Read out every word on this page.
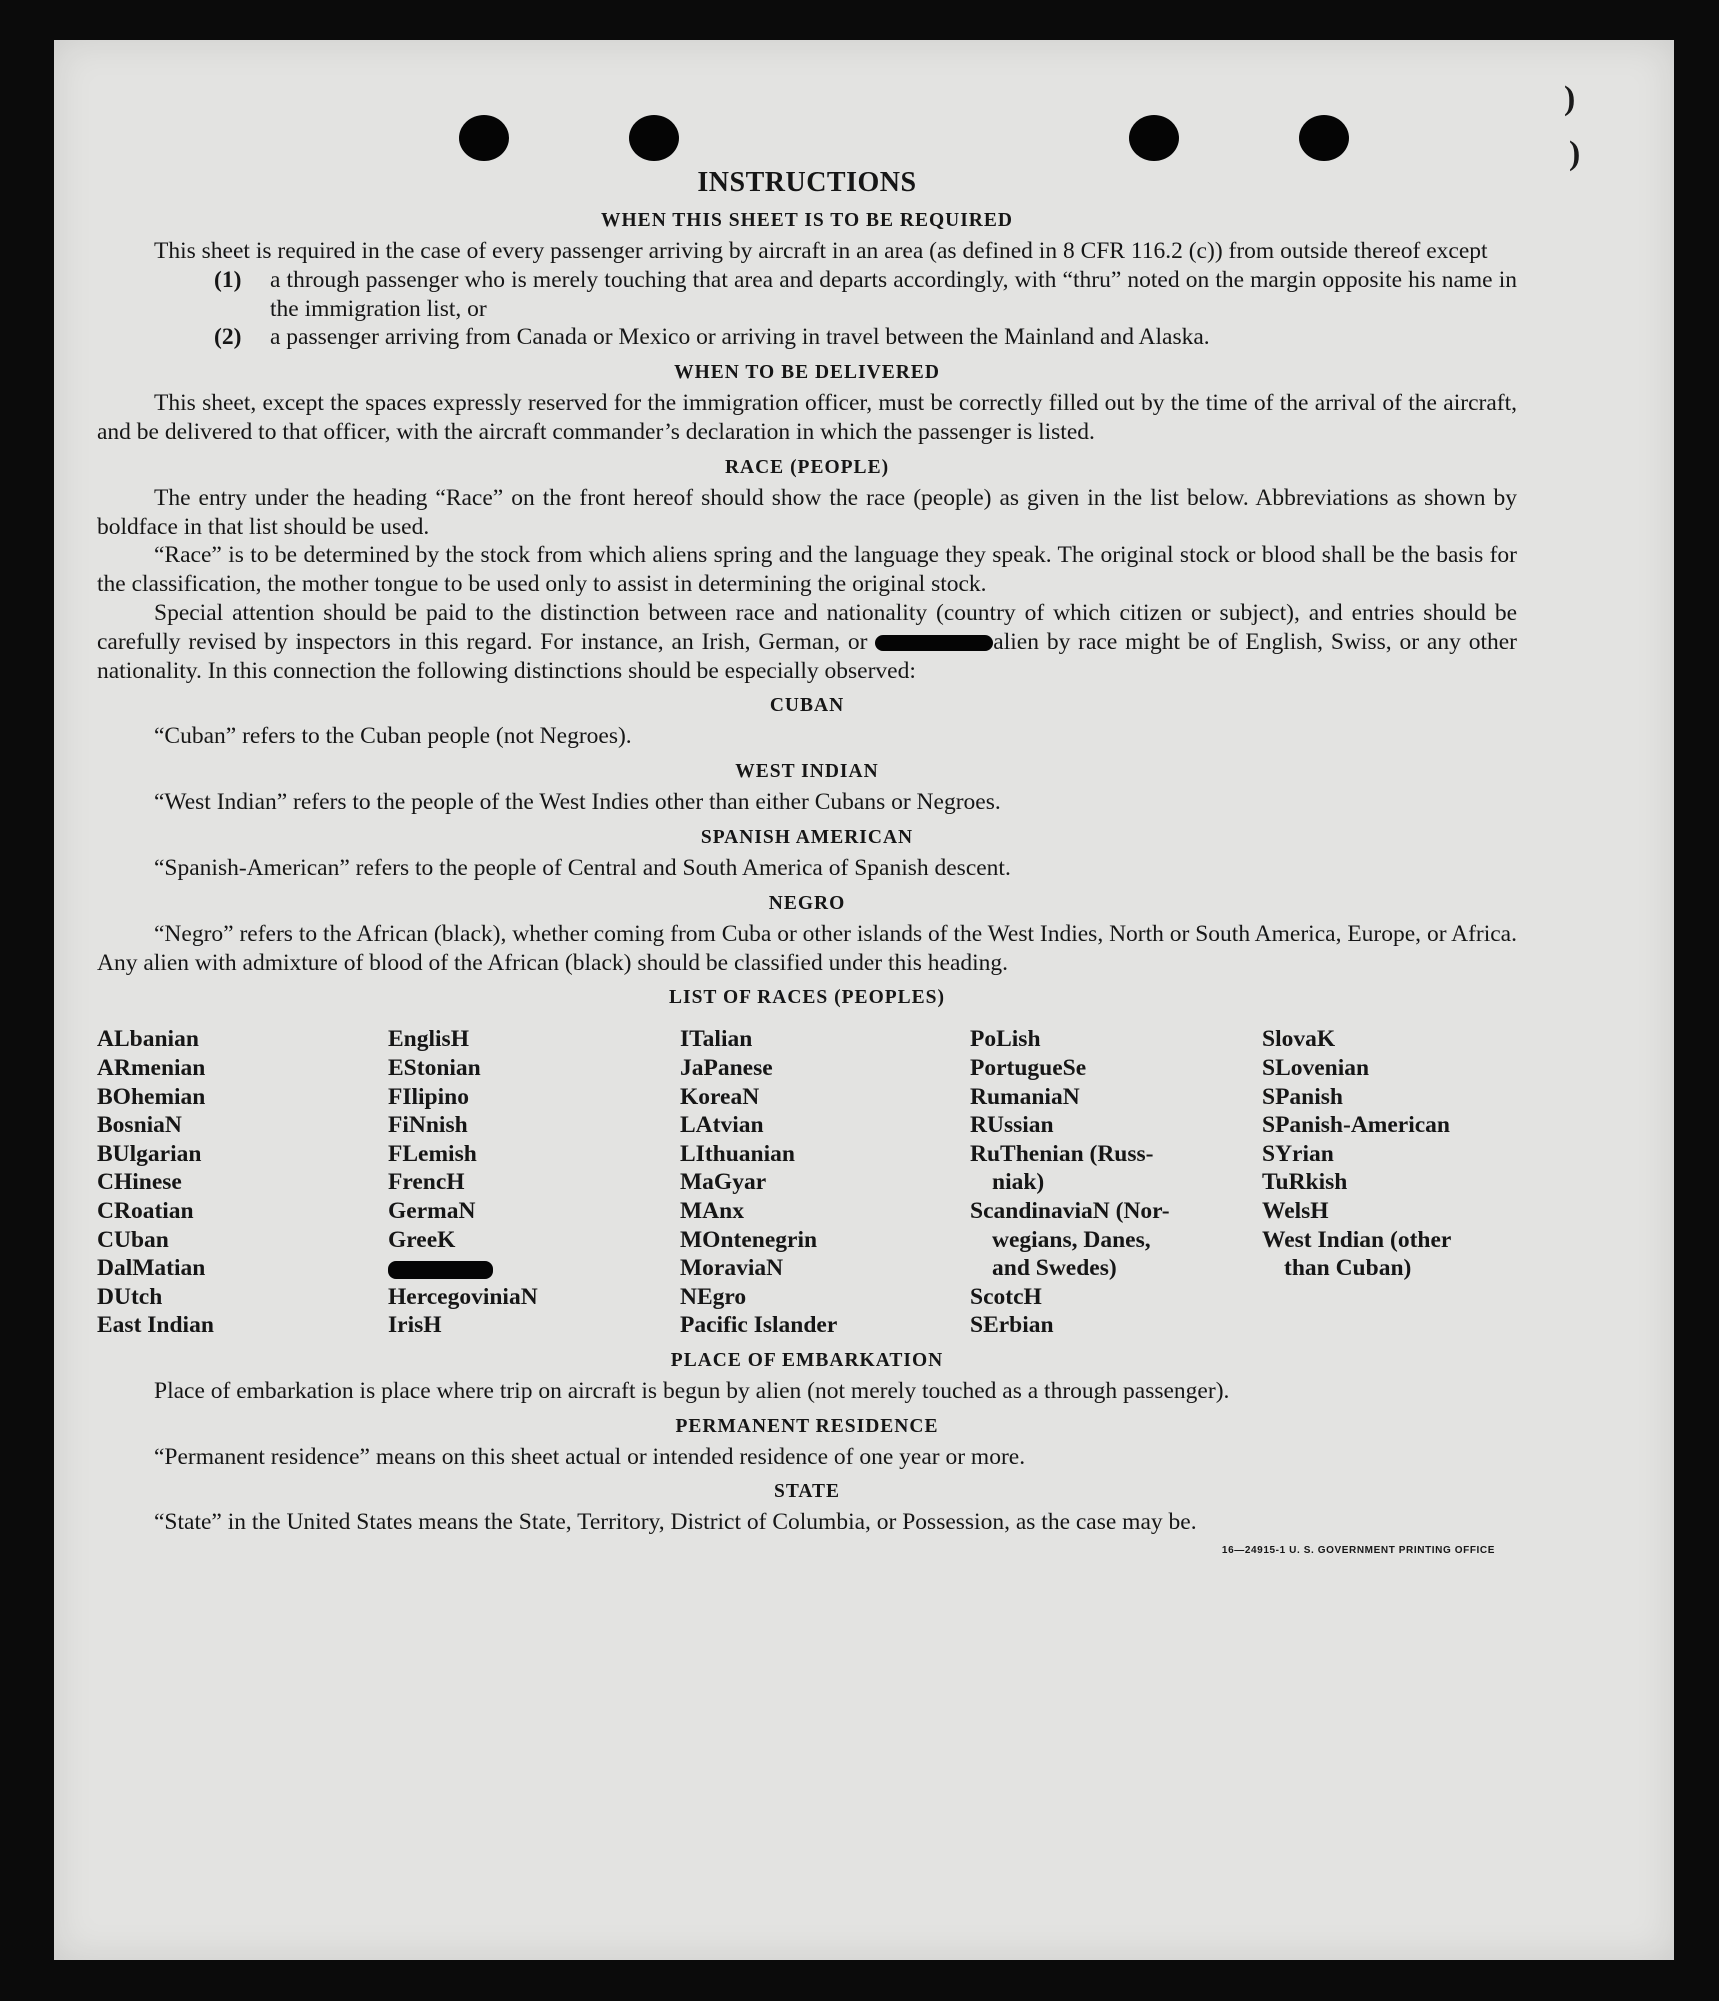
)
)
INSTRUCTIONS
WHEN THIS SHEET IS TO BE REQUIRED

This sheet is required in the case of every passenger arriving by aircraft in an area (as defined in 8 CFR 116.2 (c)) from outside thereof except

(1)	a through passenger who is merely touching that area and departs accordingly, with “thru” noted on the margin opposite his name in the immigration list, or
(2)	a passenger arriving from Canada or Mexico or arriving in travel between the Mainland and Alaska.
WHEN TO BE DELIVERED

This sheet, except the spaces expressly reserved for the immigration officer, must be correctly filled out by the time of the arrival of the aircraft, and be delivered to that officer, with the aircraft commander’s declaration in which the passenger is listed.

RACE (PEOPLE)

The entry under the heading “Race” on the front hereof should show the race (people) as given in the list below. Abbreviations as shown by boldface in that list should be used.

“Race” is to be determined by the stock from which aliens spring and the language they speak. The original stock or blood shall be the basis for the classification, the mother tongue to be used only to assist in determining the original stock.

Special attention should be paid to the distinction between race and nationality (country of which citizen or subject), and entries should be carefully revised by inspectors in this regard. For instance, an Irish, German, or	alien by race might be of English, Swiss, or any other nationality. In this connection the following distinctions should be especially observed:

CUBAN

“Cuban” refers to the Cuban people (not Negroes).

WEST INDIAN

“West Indian” refers to the people of the West Indies other than either Cubans or Negroes.

SPANISH AMERICAN

“Spanish-American” refers to the people of Central and South America of Spanish descent.

NEGRO

“Negro” refers to the African (black), whether coming from Cuba or other islands of the West Indies, North or South America, Europe, or Africa. Any alien with admixture of blood of the African (black) should be classified under this heading.

LIST OF RACES (PEOPLES)
ALbanian
ARmenian
BOhemian
BosniaN
BUlgarian
CHinese
CRoatian
CUban
DalMatian
DUtch
East Indian
EnglisH
EStonian
FIlipino
FiNnish
FLemish
FrencH
GermaN
GreeK
HercegoviniaN
IrisH
ITalian
JaPanese
KoreaN
LAtvian
LIthuanian
MaGyar
MAnx
MOntenegrin
MoraviaN
NEgro
Pacific Islander
PoLish
PortugueSe
RumaniaN
RUssian
RuThenian (Russ-
niak)
ScandinaviaN (Nor-
wegians, Danes,
and Swedes)
ScotcH
SErbian
SlovaK
SLovenian
SPanish
SPanish-American
SYrian
TuRkish
WelsH
West Indian (other
than Cuban)
PLACE OF EMBARKATION

Place of embarkation is place where trip on aircraft is begun by alien (not merely touched as a through passenger).

PERMANENT RESIDENCE

“Permanent residence” means on this sheet actual or intended residence of one year or more.

STATE

“State” in the United States means the State, Territory, District of Columbia, or Possession, as the case may be.

16—24915-1 U. S. GOVERNMENT PRINTING OFFICE
